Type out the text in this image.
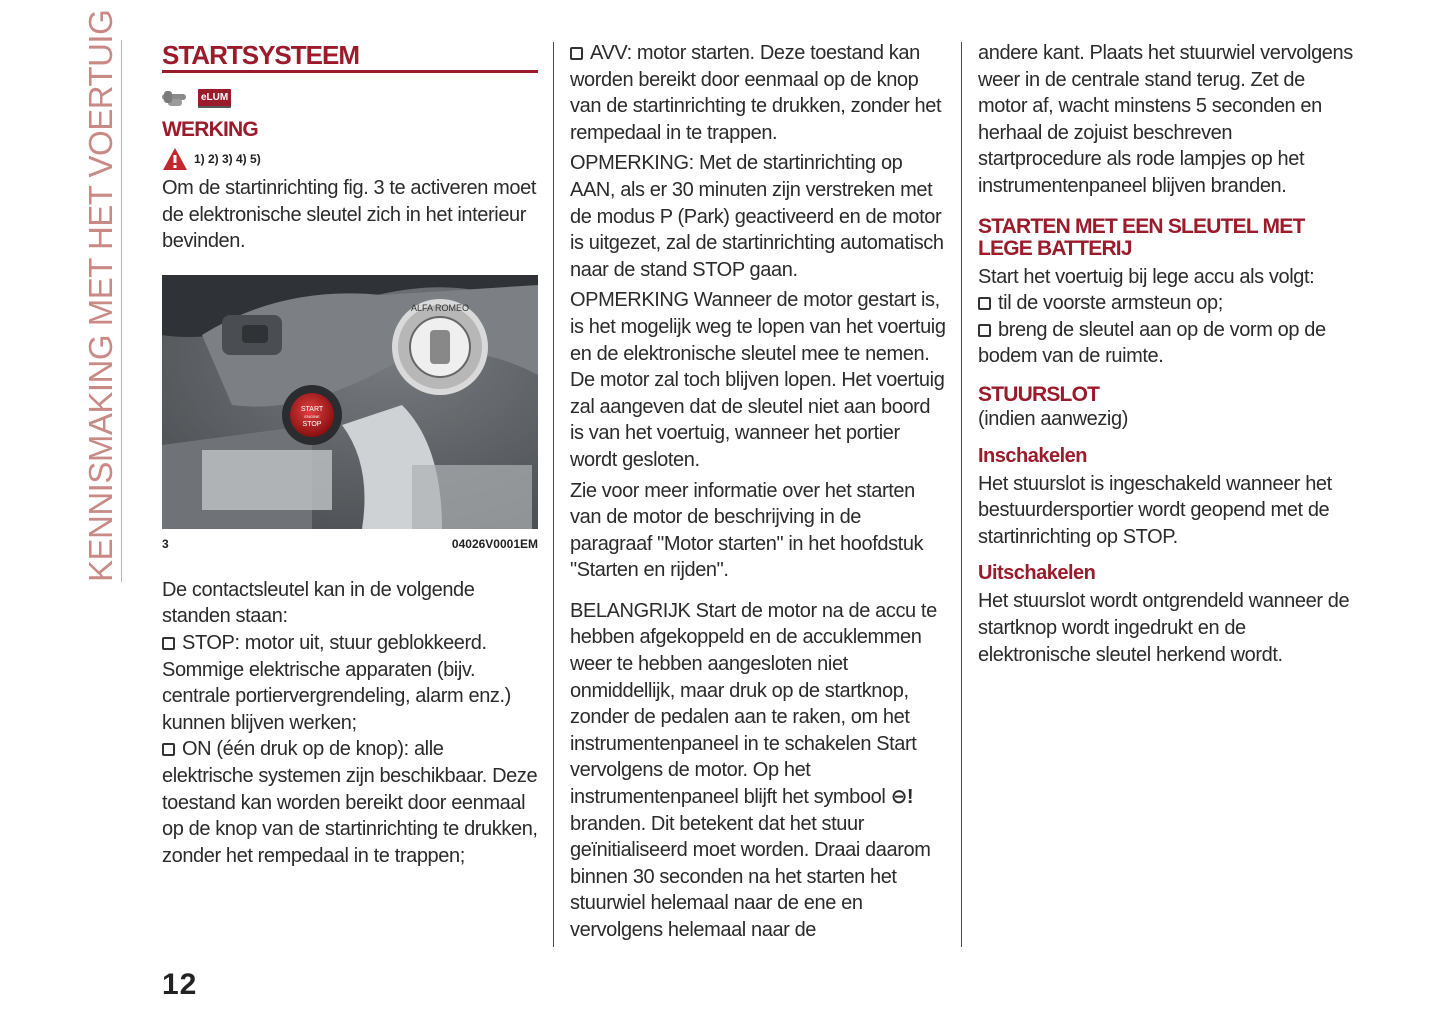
KENNISMAKING MET HET VOERTUIG STARTSYSTEEM
eLUM
WERKING
1) 2) 3) 4) 5)

Om de startinrichting fig. 3 te activeren moet de elektronische sleutel zich in het interieur bevinden.

ALFA ROMEO
START
ENGINE
STOP
3	04026V0001EM

De contactsleutel kan in de volgende standen staan:

STOP: motor uit, stuur geblokkeerd. Sommige elektrische apparaten (bijv. centrale portiervergrendeling, alarm enz.) kunnen blijven werken;

ON (één druk op de knop): alle elektrische systemen zijn beschikbaar. Deze toestand kan worden bereikt door eenmaal op de knop van de startinrichting te drukken, zonder het rempedaal in te trappen;

AVV: motor starten. Deze toestand kan worden bereikt door eenmaal op de knop van de startinrichting te drukken, zonder het rempedaal in te trappen.

OPMERKING: Met de startinrichting op AAN, als er 30 minuten zijn verstreken met de modus P (Park) geactiveerd en de motor is uitgezet, zal de startinrichting automatisch naar de stand STOP gaan.

OPMERKING Wanneer de motor gestart is, is het mogelijk weg te lopen van het voertuig en de elektronische sleutel mee te nemen. De motor zal toch blijven lopen. Het voertuig zal aangeven dat de sleutel niet aan boord is van het voertuig, wanneer het portier wordt gesloten.

Zie voor meer informatie over het starten van de motor de beschrijving in de paragraaf "Motor starten" in het hoofdstuk "Starten en rijden".

BELANGRIJK Start de motor na de accu te hebben afgekoppeld en de accuklemmen weer te hebben aangesloten niet onmiddellijk, maar druk op de startknop, zonder de pedalen aan te raken, om het instrumentenpaneel in te schakelen Start vervolgens de motor. Op het instrumentenpaneel blijft het symbool ⊖! branden. Dit betekent dat het stuur geïnitialiseerd moet worden. Draai daarom binnen 30 seconden na het starten het stuurwiel helemaal naar de ene en vervolgens helemaal naar de

andere kant. Plaats het stuurwiel vervolgens weer in de centrale stand terug. Zet de motor af, wacht minstens 5 seconden en herhaal de zojuist beschreven startprocedure als rode lampjes op het instrumentenpaneel blijven branden.

STARTEN MET EEN SLEUTEL MET LEGE BATTERIJ

Start het voertuig bij lege accu als volgt:

til de voorste armsteun op;

breng de sleutel aan op de vorm op de bodem van de ruimte.

STUURSLOT

(indien aanwezig)

Inschakelen

Het stuurslot is ingeschakeld wanneer het bestuurdersportier wordt geopend met de startinrichting op STOP.

Uitschakelen

Het stuurslot wordt ontgrendeld wanneer de startknop wordt ingedrukt en de elektronische sleutel herkend wordt.

12
